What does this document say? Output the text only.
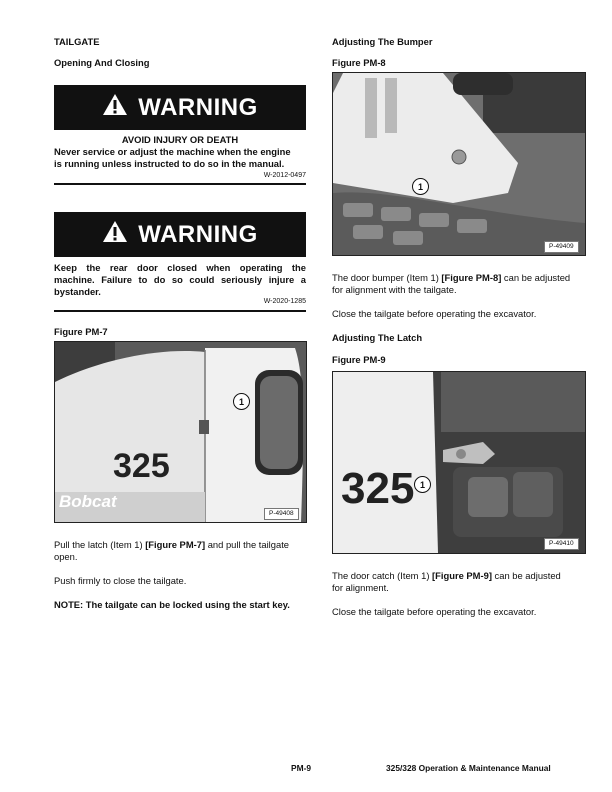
TAILGATE
Opening And Closing
WARNING
AVOID INJURY OR DEATH
Never service or adjust the machine when the engine
is running unless instructed to do so in the manual.
W-2012-0497
WARNING
Keep the rear door closed when operating the
machine. Failure to do so could seriously injure a
bystander.
W-2020-1285
Figure PM-7
325
Bobcat
1
P-49408
Pull the latch (Item 1) [Figure PM-7] and pull the tailgate
open.
Push firmly to close the tailgate.
NOTE: The tailgate can be locked using the start key.
Adjusting The Bumper
Figure PM-8
1
P-49409
The door bumper (Item 1) [Figure PM-8] can be adjusted
for alignment with the tailgate.
Close the tailgate before operating the excavator.
Adjusting The Latch
Figure PM-9
325 1
P-49410
The door catch (Item 1) [Figure PM-9] can be adjusted
for alignment.
Close the tailgate before operating the excavator.
PM-9	325/328 Operation & Maintenance Manual
